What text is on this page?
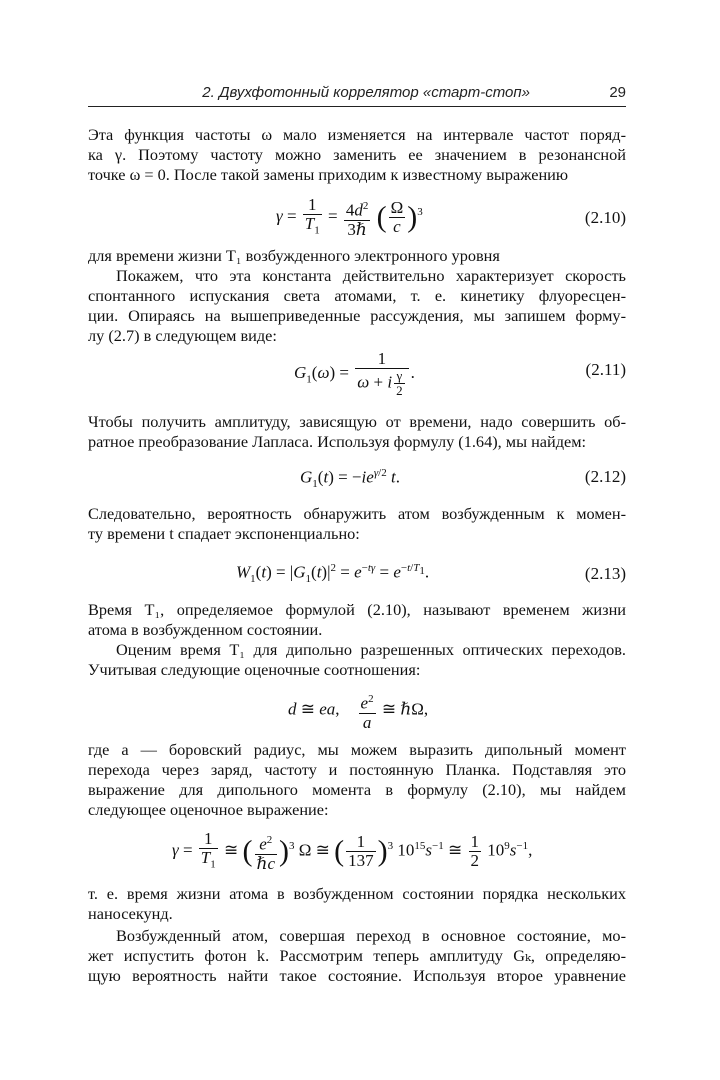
2. Двухфотонный коррелятор «старт-стоп»	29
Эта функция частоты ω мало изменяется на интервале частот поряд-
ка γ. Поэтому частоту можно заменить ее значением в резонансной
точке ω = 0. После такой замены приходим к известному выражению
$\gamma = \frac{1}{T_1} = \frac{4d^2}{\text{3ℏ}}$ ( $\frac{\Omega}{c} )^3$	(2.10)
для времени жизни T₁ возбужденного электронного уровня
Покажем, что эта константа действительно характеризует скорость
спонтанного испускания света атомами, т. е. кинетику флуоресцен-
ции. Опираясь на вышеприведенные рассуждения, мы запишем форму-
лу (2.7) в следующем виде:
$G_1(\omega) = \frac{1}{\omega + i \frac{\gamma}{2}}$ .	(2.11)
Чтобы получить амплитуду, зависящую от времени, надо совершить об-
ратное преобразование Лапласа. Используя формулу (1.64), мы найдем:
$G_1(t) = -ie^{\gamma/2}$ t.	(2.12)
Следовательно, вероятность обнаружить атом возбужденным к момен-
ту времени t спадает экспоненциально:
$W_1(t) = |G_1(t)|^2 = e^{-t\gamma} = e^{-t/T_1}$.	(2.13)
Время T₁, определяемое формулой (2.10), называют временем жизни
атома в возбужденном состоянии.
Оценим время T₁ для дипольно разрешенных оптических переходов.
Учитывая следующие оценочные соотношения:
d ≅ ea, $\frac{e^2}{a}$ ≅ ℏΩ,
где a — боровский радиус, мы можем выразить дипольный момент
перехода через заряд, частоту и постоянную Планка. Подставляя это
выражение для дипольного момента в формулу (2.10), мы найдем
следующее оценочное выражение:
$\gamma = \frac{1}{T_1}$ ≅ ( $\frac{e^2}{\text{ℏc}} )^3$ Ω ≅ ( $\frac{1}{137} )^3$ $10^{15}s^{-1}$ ≅ $\frac{1}{2} 10^9s^{-1}$,
т. е. время жизни атома в возбужденном состоянии порядка нескольких
наносекунд.
Возбужденный атом, совершая переход в основное состояние, мо-
жет испустить фотон k. Рассмотрим теперь амплитуду Gₖ, определяю-
щую вероятность найти такое состояние. Используя второе уравнение
